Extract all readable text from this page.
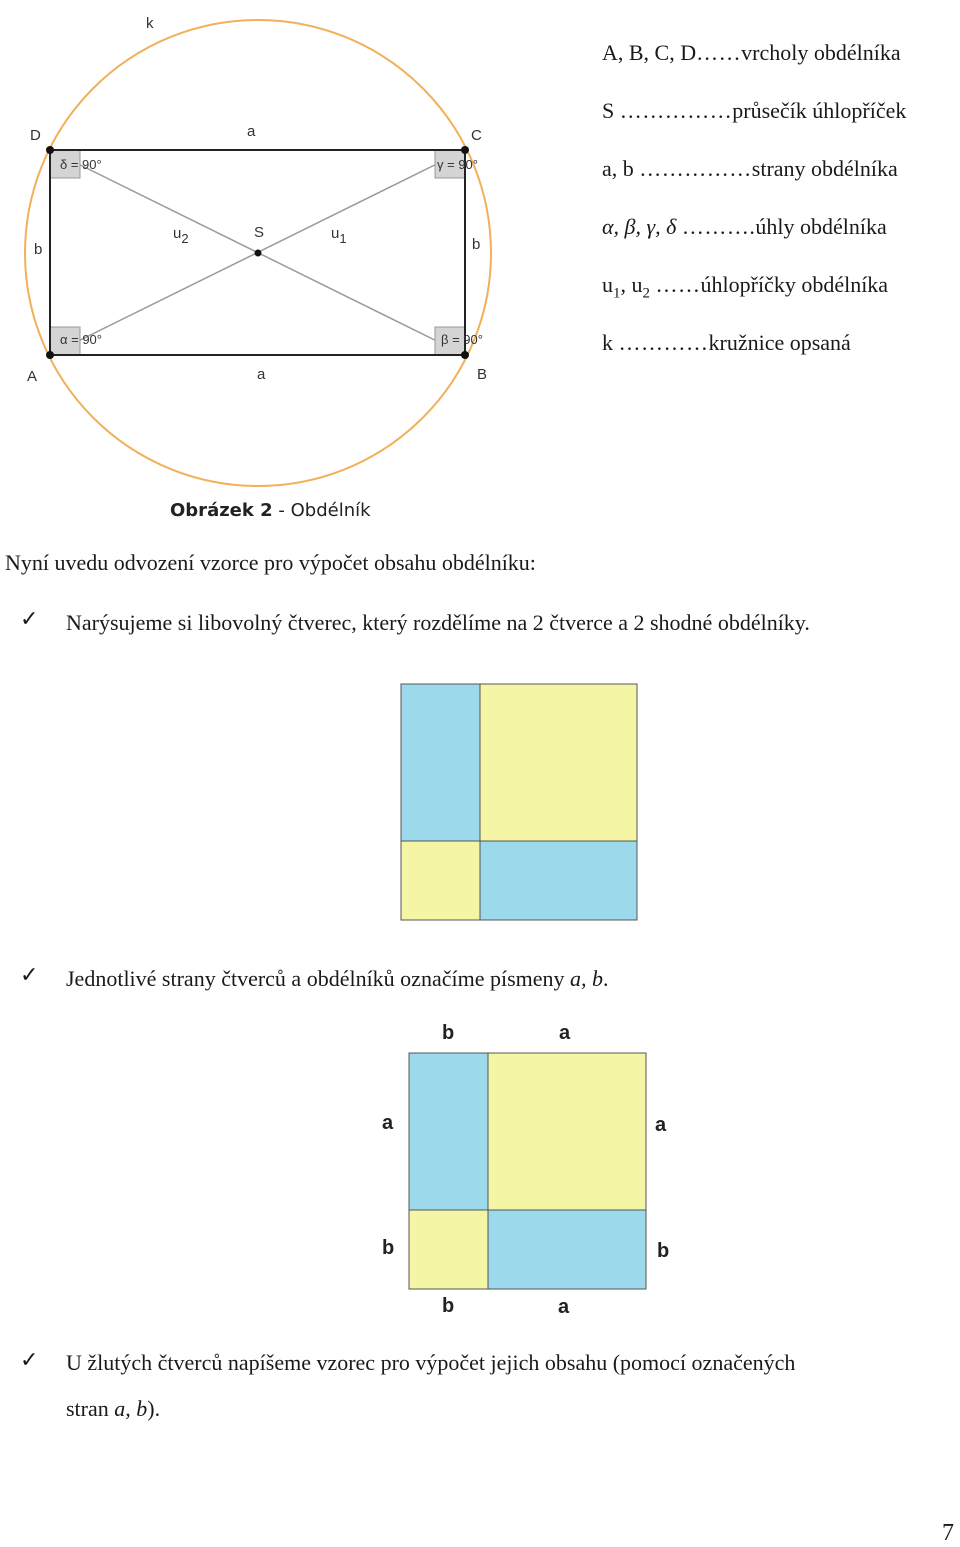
k
A	B
C
D
S
a
a
b	b
u2	u1
δ = 90°	γ = 90°
α = 90°	β = 90°
A, B, C, D……vrcholy obdélníka
S ……………průsečík úhlopříček
a, b ……………strany obdélníka
α, β, γ, δ ……….úhly obdélníka
$u_1$, $u_2$ ……úhlopříčky obdélníka
k …………kružnice opsaná
Obrázek 2 - Obdélník
Nyní uvedu odvození vzorce pro výpočet obsahu obdélníku:
✓ Narýsujeme si libovolný čtverec, který rozdělíme na 2 čtverce a 2 shodné obdélníky.
✓ Jednotlivé strany čtverců a obdélníků označíme písmeny a, b.
b	a
a
b
a
b
b	a
✓ U žlutých čtverců napíšeme vzorec pro výpočet jejich obsahu (pomocí označených
stran a, b).
7
